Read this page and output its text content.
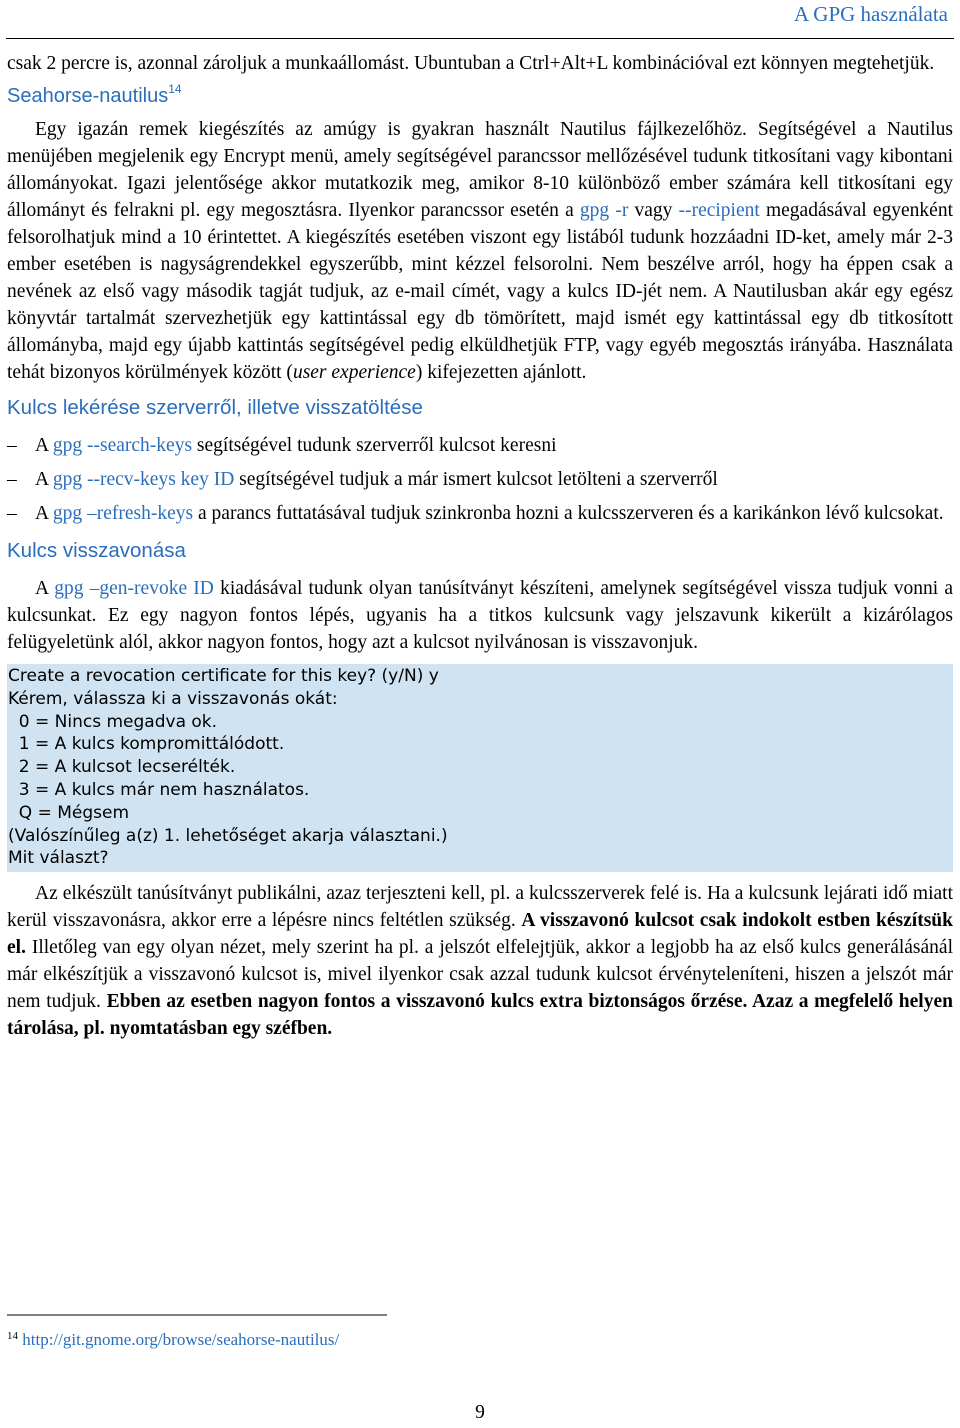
A GPG használata

csak 2 percre is, azonnal zároljuk a munkaállomást. Ubuntuban a Ctrl+Alt+L kombinációval ezt könnyen megtehetjük.

Seahorse-nautilus$^{14}$

Egy igazán remek kiegészítés az amúgy is gyakran használt Nautilus fájlkezelőhöz. Segítségével a Nautilus menüjében megjelenik egy Encrypt menü, amely segítségével parancssor mellőzésével tudunk titkosítani vagy kibontani állományokat. Igazi jelentősége akkor mutatkozik meg, amikor 8-10 különböző ember számára kell titkosítani egy állományt és felrakni pl. egy megosztásra. Ilyenkor parancssor esetén a gpg -r vagy --recipient megadásával egyenként felsorolhatjuk mind a 10 érintettet. A kiegészítés esetében viszont egy listából tudunk hozzáadni ID-ket, amely már 2-3 ember esetében is nagyságrendekkel egyszerűbb, mint kézzel felsorolni. Nem beszélve arról, hogy ha éppen csak a nevének az első vagy második tagját tudjuk, az e-mail címét, vagy a kulcs ID-jét nem. A Nautilusban akár egy egész könyvtár tartalmát szervezhetjük egy kattintással egy db tömörített, majd ismét egy kattintással egy db titkosított állományba, majd egy újabb kattintás segítségével pedig elküldhetjük FTP, vagy egyéb megosztás irányába. Használata tehát bizonyos körülmények között (user experience) kifejezetten ajánlott.

Kulcs lekérése szerverről, illetve visszatöltése
– A gpg --search-keys segítségével tudunk szerverről kulcsot keresni
– A gpg --recv-keys key ID segítségével tudjuk a már ismert kulcsot letölteni a szerverről
– A gpg –refresh-keys a parancs futtatásával tudjuk szinkronba hozni a kulcsszerveren és a karikánkon lévő kulcsokat.
Kulcs visszavonása

A gpg –gen-revoke ID kiadásával tudunk olyan tanúsítványt készíteni, amelynek segítségével vissza tudjuk vonni a kulcsunkat. Ez egy nagyon fontos lépés, ugyanis ha a titkos kulcsunk vagy jelszavunk kikerült a kizárólagos felügyeletünk alól, akkor nagyon fontos, hogy azt a kulcsot nyilvánosan is visszavonjuk.

Create a revocation certificate for this key? (y/N) y
Kérem, válassza ki a visszavonás okát:
0 = Nincs megadva ok.
1 = A kulcs kompromittálódott.
2 = A kulcsot lecserélték.
3 = A kulcs már nem használatos.
Q = Mégsem
(Valószínűleg a(z) 1. lehetőséget akarja választani.)
Mit választ?

Az elkészült tanúsítványt publikálni, azaz terjeszteni kell, pl. a kulcsszerverek felé is. Ha a kulcsunk lejárati idő miatt kerül visszavonásra, akkor erre a lépésre nincs feltétlen szükség. A visszavonó kulcsot csak indokolt estben készítsük el. Illetőleg van egy olyan nézet, mely szerint ha pl. a jelszót elfelejtjük, akkor a legjobb ha az első kulcs generálásánál már elkészítjük a visszavonó kulcsot is, mivel ilyenkor csak azzal tudunk kulcsot érvényteleníteni, hiszen a jelszót már nem tudjuk. Ebben az esetben nagyon fontos a visszavonó kulcs extra biztonságos őrzése. Azaz a megfelelő helyen tárolása, pl. nyomtatásban egy széfben.

$^{14}$ http://git.gnome.org/browse/seahorse-nautilus/
9
